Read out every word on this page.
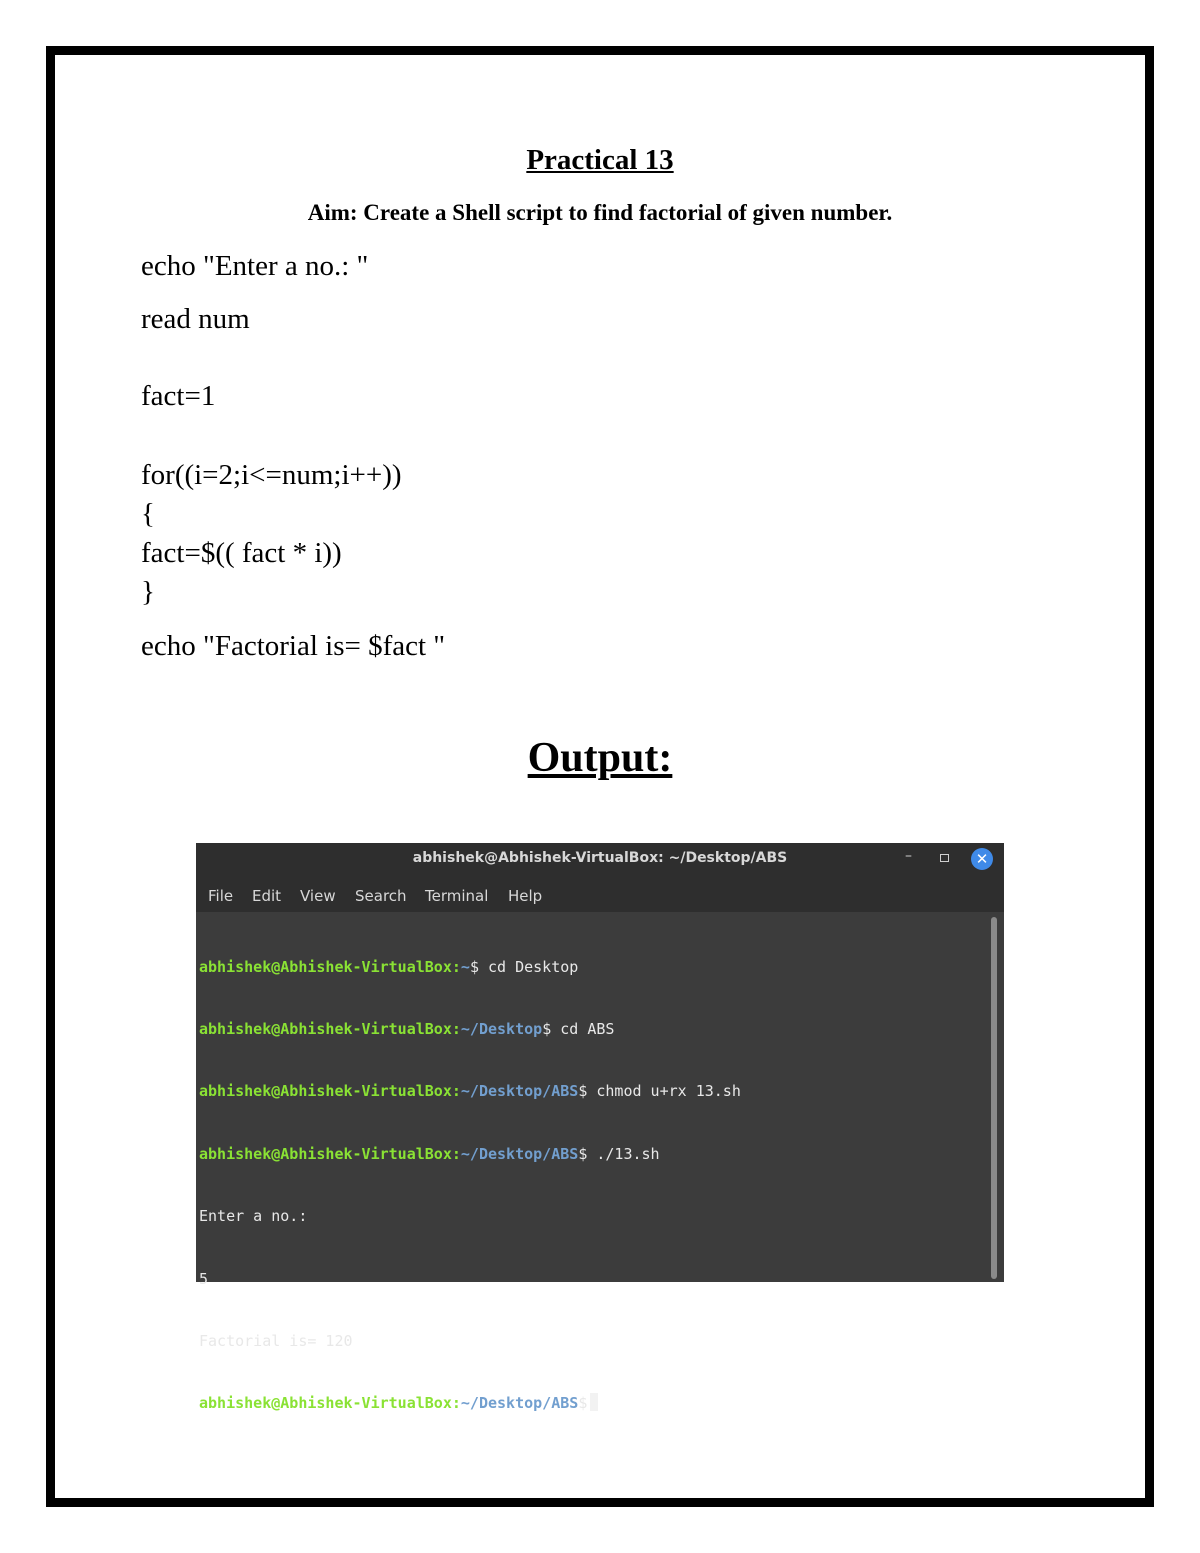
Practical 13
Aim: Create a Shell script to find factorial of given number.
echo "Enter a no.: "
read num
fact=1
for((i=2;i<=num;i++))
{
fact=$(( fact * i))
}
echo "Factorial is= $fact "
Output:
abhishek@Abhishek-VirtualBox: ~/Desktop/ABS	–	✕
File Edit View Search Terminal Help

abhishek@Abhishek-VirtualBox:~$ cd Desktop

abhishek@Abhishek-VirtualBox:~/Desktop$ cd ABS

abhishek@Abhishek-VirtualBox:~/Desktop/ABS$ chmod u+rx 13.sh

abhishek@Abhishek-VirtualBox:~/Desktop/ABS$ ./13.sh

Enter a no.:

5

Factorial is= 120

abhishek@Abhishek-VirtualBox:~/Desktop/ABS$
